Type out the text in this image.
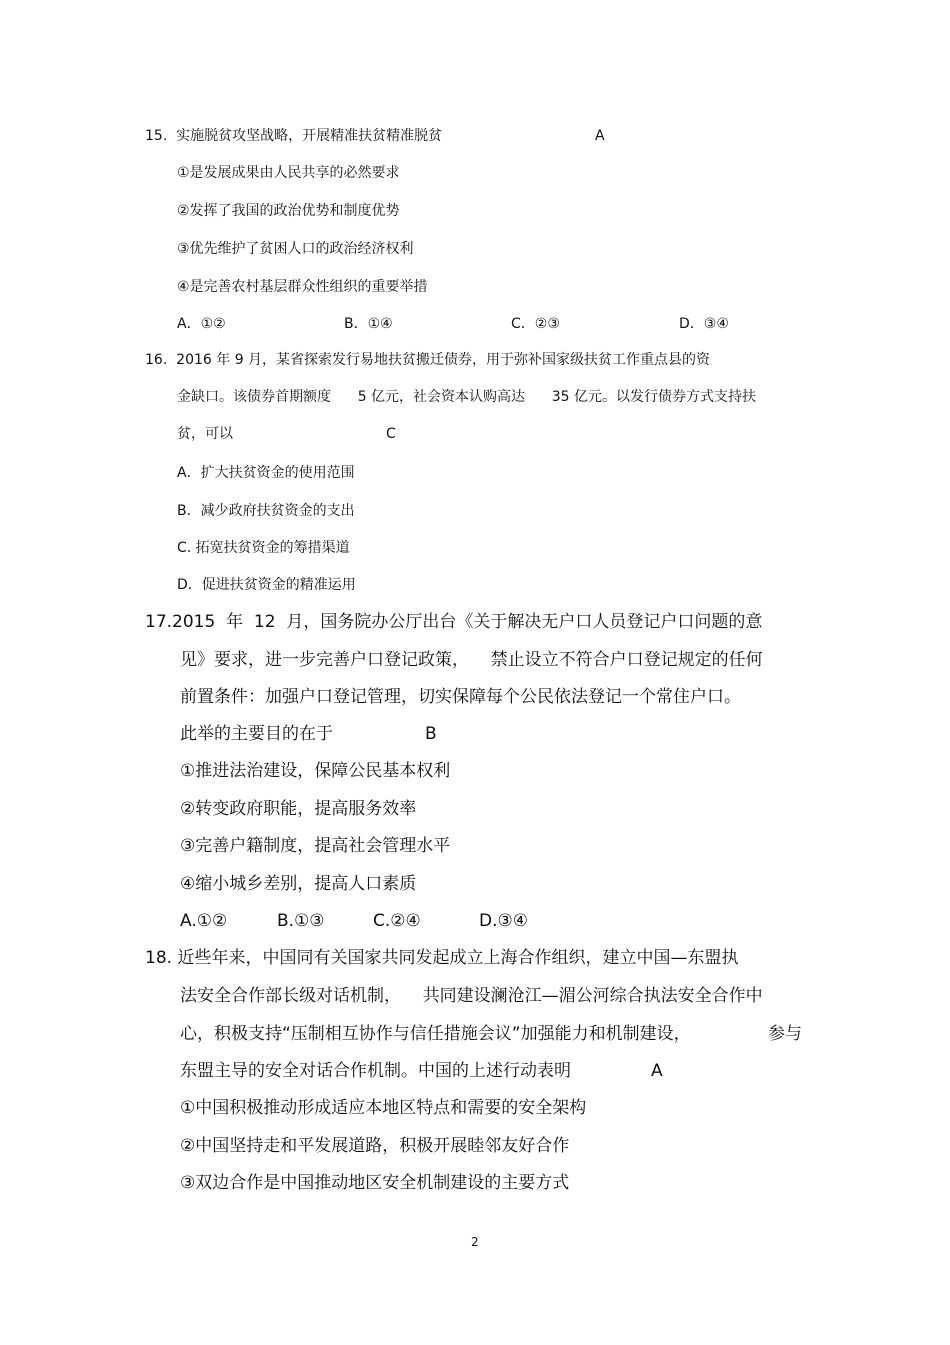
15.  实施脱贫攻坚战略，开展精准扶贫精准脱贫	A
①是发展成果由人民共享的必然要求
②发挥了我国的政治优势和制度优势
③优先维护了贫困人口的政治经济权利
④是完善农村基层群众性组织的重要举措
A．①②	B．①④	C．②③	D．③④
16.  2016 年 9 月，某省探索发行易地扶贫搬迁债券，用于弥补国家级扶贫工作重点县的资
金缺口。该债券首期额度      5 亿元，社会资本认购高达      35 亿元。以发行债券方式支持扶
贫，可以	C
A．扩大扶贫资金的使用范围
B．减少政府扶贫资金的支出
C. 拓宽扶贫资金的筹措渠道
D．促进扶贫资金的精准运用
17.2015  年  12  月，国务院办公厅出台《关于解决无户口人员登记户口问题的意
见》要求，进一步完善户口登记政策，    禁止设立不符合户口登记规定的任何
前置条件：加强户口登记管理，切实保障每个公民依法登记一个常住户口。
此举的主要目的在于	B
①推进法治建设，保障公民基本权利
②转变政府职能，提高服务效率
③完善户籍制度，提高社会管理水平
④缩小城乡差别，提高人口素质
A.①②	B.①③	C.②④	D.③④
18. 近些年来，中国同有关国家共同发起成立上海合作组织，建立中国—东盟执
法安全合作部长级对话机制，    共同建设澜沧江—湄公河综合执法安全合作中
心，积极支持“压制相互协作与信任措施会议”加强能力和机制建设，	参与
东盟主导的安全对话合作机制。中国的上述行动表明	A
①中国积极推动形成适应本地区特点和需要的安全架构
②中国坚持走和平发展道路，积极开展睦邻友好合作
③双边合作是中国推动地区安全机制建设的主要方式
2
